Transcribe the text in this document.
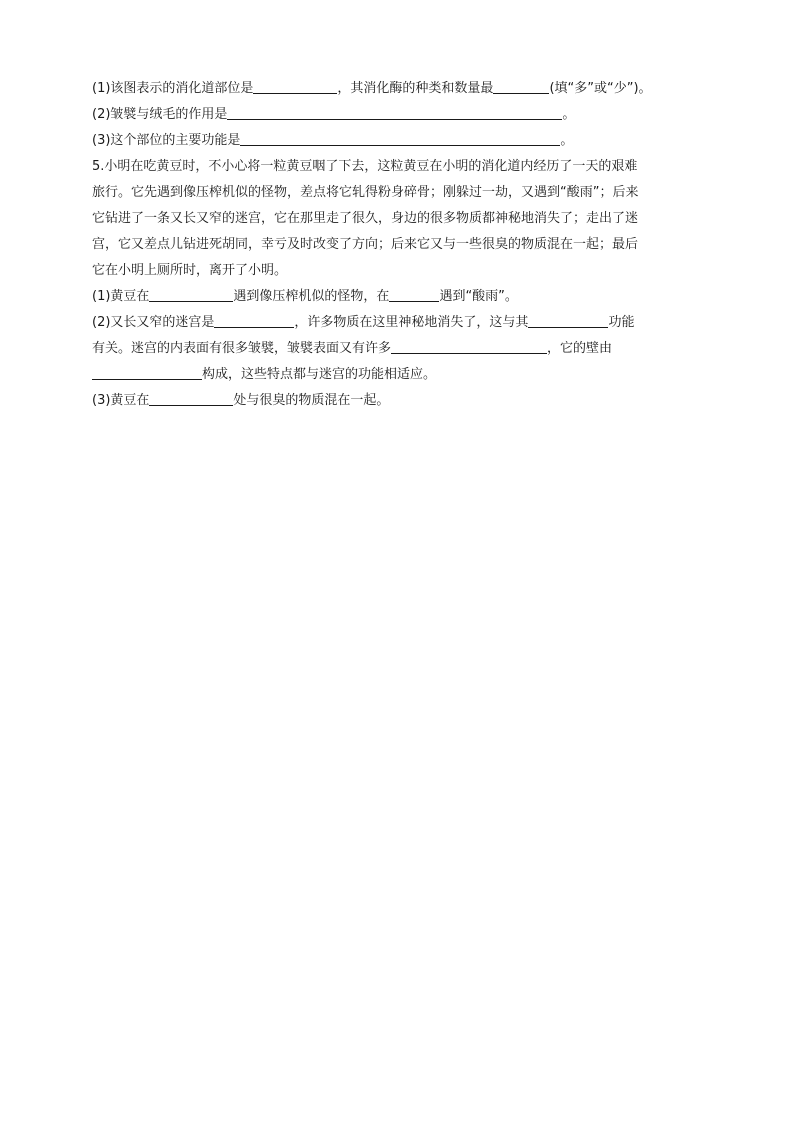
(1)该图表示的消化道部位是	，其消化酶的种类和数量最	(填“多”或“少”)。
(2)皱襞与绒毛的作用是	。
(3)这个部位的主要功能是	。
5.小明在吃黄豆时，不小心将一粒黄豆咽了下去，这粒黄豆在小明的消化道内经历了一天的艰难
旅行。它先遇到像压榨机似的怪物，差点将它轧得粉身碎骨；刚躲过一劫，又遇到“酸雨”；后来
它钻进了一条又长又窄的迷宫，它在那里走了很久，身边的很多物质都神秘地消失了；走出了迷
宫，它又差点儿钻进死胡同，幸亏及时改变了方向；后来它又与一些很臭的物质混在一起；最后
它在小明上厕所时，离开了小明。
(1)黄豆在	遇到像压榨机似的怪物，在	遇到“酸雨”。
(2)又长又窄的迷宫是	，许多物质在这里神秘地消失了，这与其	功能
有关。迷宫的内表面有很多皱襞，皱襞表面又有许多	，它的壁由
构成，这些特点都与迷宫的功能相适应。
(3)黄豆在	处与很臭的物质混在一起。
